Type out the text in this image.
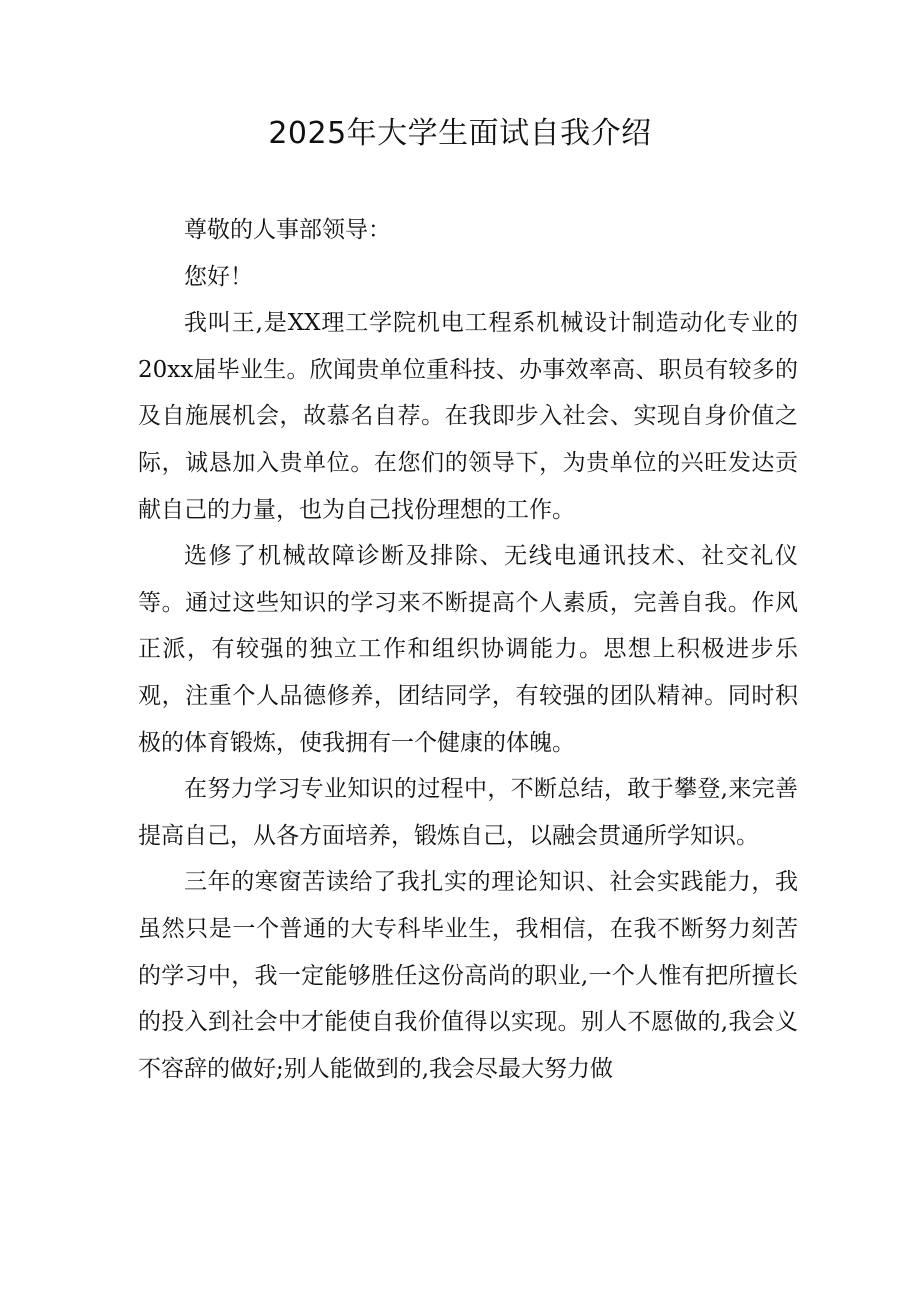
2025年大学生面试自我介绍

尊敬的人事部领导：

您好！

我叫王,是XX理工学院机电工程系机械设计制造动化专业的20xx届毕业生。欣闻贵单位重科技、办事效率高、职员有较多的及自施展机会，故慕名自荐。在我即步入社会、实现自身价值之际，诚恳加入贵单位。在您们的领导下，为贵单位的兴旺发达贡献自己的力量，也为自己找份理想的工作。

选修了机械故障诊断及排除、无线电通讯技术、社交礼仪等。通过这些知识的学习来不断提高个人素质，完善自我。作风正派，有较强的独立工作和组织协调能力。思想上积极进步乐观，注重个人品德修养，团结同学，有较强的团队精神。同时积极的体育锻炼，使我拥有一个健康的体魄。

在努力学习专业知识的过程中，不断总结，敢于攀登,来完善提高自己，从各方面培养，锻炼自己，以融会贯通所学知识。

三年的寒窗苦读给了我扎实的理论知识、社会实践能力，我虽然只是一个普通的大专科毕业生，我相信，在我不断努力刻苦的学习中，我一定能够胜任这份高尚的职业,一个人惟有把所擅长的投入到社会中才能使自我价值得以实现。别人不愿做的,我会义不容辞的做好;别人能做到的,我会尽最大努力做
